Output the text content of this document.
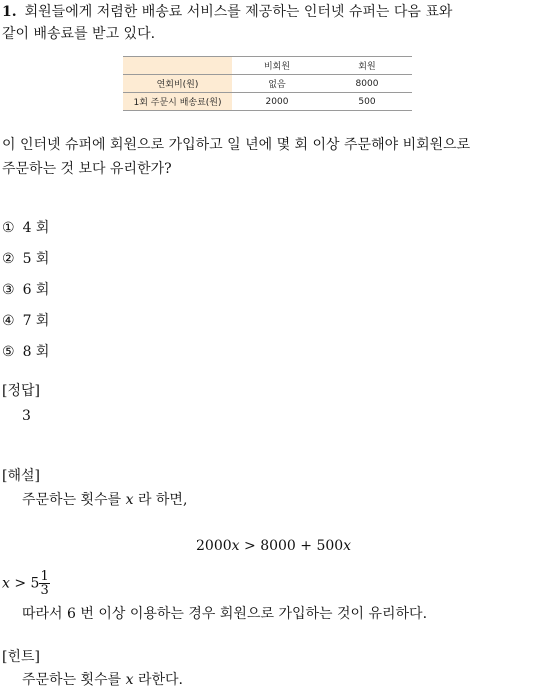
1. 회원들에게 저렴한 배송료 서비스를 제공하는 인터넷 슈퍼는 다음 표와
같이 배송료를 받고 있다.
	비회원	회원
연회비(원)	없음	8000
1회 주문시 배송료(원)	2000	500
이 인터넷 슈퍼에 회원으로 가입하고 일 년에 몇 회 이상 주문해야 비회원으로
주문하는 것 보다 유리한가?
① 4 회
② 5 회
③ 6 회
④ 7 회
⑤ 8 회
[정답]
3
[해설]
주문하는 횟수를 x 라 하면,
2000x > 8000 + 500x
$x > 5 \frac{1}{3}$
따라서 6 번 이상 이용하는 경우 회원으로 가입하는 것이 유리하다.
[힌트]
주문하는 횟수를 x 라한다.
